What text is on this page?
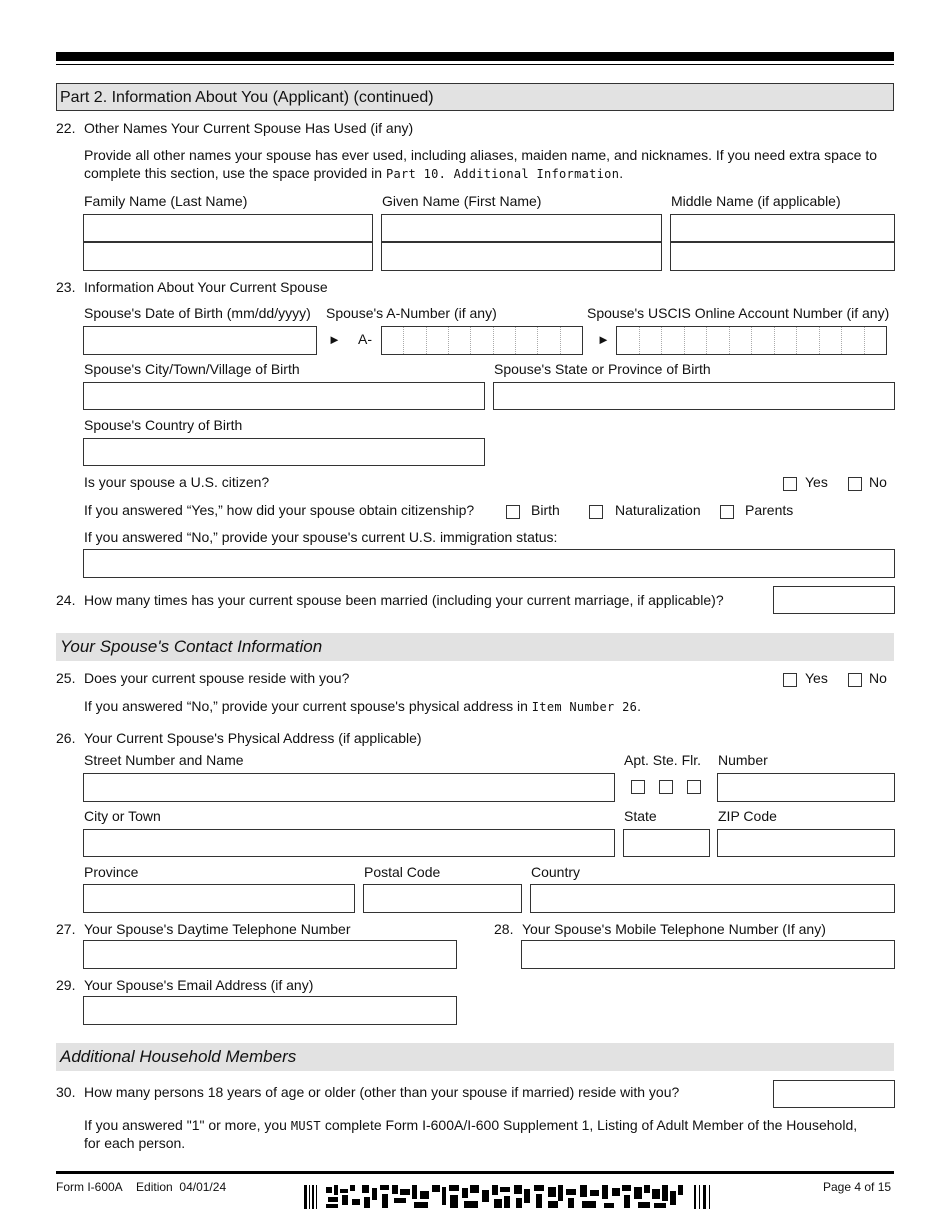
Part 2. Information About You (Applicant) (continued)
22. Other Names Your Current Spouse Has Used (if any)
Provide all other names your spouse has ever used, including aliases, maiden name, and nicknames. If you need extra space to
complete this section, use the space provided in Part 10. Additional Information.
Family Name (Last Name)	Given Name (First Name)	Middle Name (if applicable)
23. Information About Your Current Spouse
Spouse's Date of Birth (mm/dd/yyyy) Spouse's A-Number (if any)	Spouse's USCIS Online Account Number (if any)
► A-	►
Spouse's City/Town/Village of Birth	Spouse's State or Province of Birth
Spouse's Country of Birth
Is your spouse a U.S. citizen?	Yes	No
If you answered “Yes,” how did your spouse obtain citizenship?	Birth	Naturalization	Parents
If you answered “No,” provide your spouse's current U.S. immigration status:
24. How many times has your current spouse been married (including your current marriage, if applicable)?
Your Spouse's Contact Information
25. Does your current spouse reside with you?	Yes	No
If you answered “No,” provide your current spouse's physical address in Item Number 26.
26. Your Current Spouse's Physical Address (if applicable)
Street Number and Name	Apt. Ste. Flr. Number
City or Town	State	ZIP Code
Province	Postal Code	Country
27. Your Spouse's Daytime Telephone Number	28. Your Spouse's Mobile Telephone Number (If any)
29. Your Spouse's Email Address (if any)
Additional Household Members
30. How many persons 18 years of age or older (other than your spouse if married) reside with you?
If you answered "1" or more, you MUST complete Form I-600A/I-600 Supplement 1, Listing of Adult Member of the Household,
for each person.
Form I-600A Edition 04/01/24	Page 4 of 15
